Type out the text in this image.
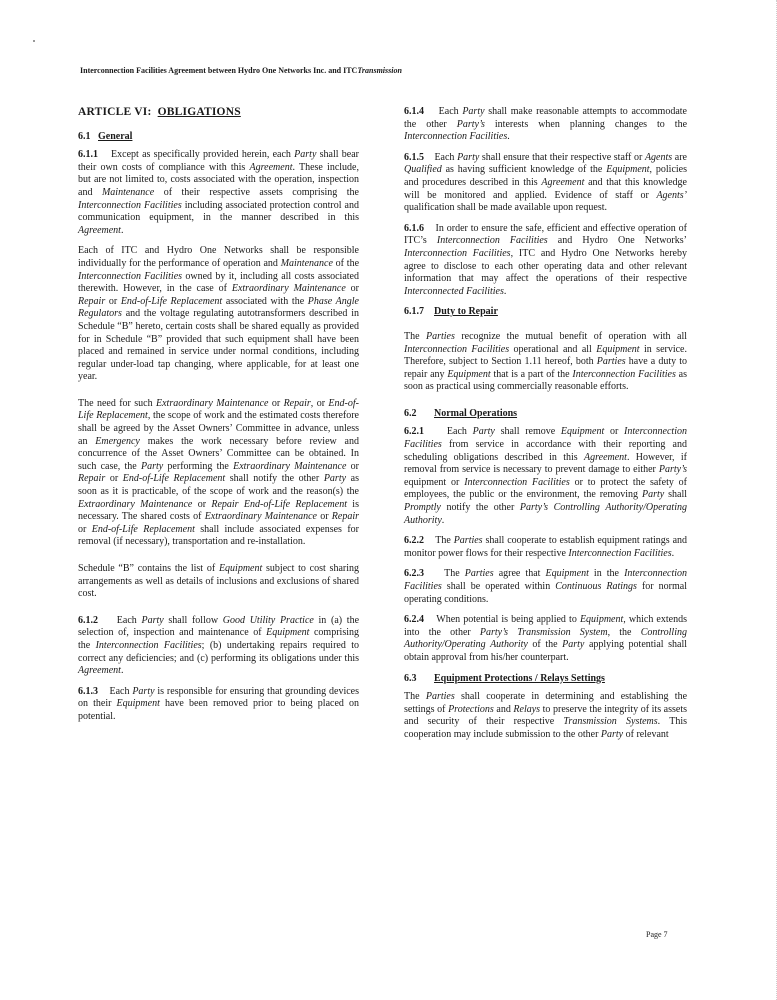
Interconnection Facilities Agreement between Hydro One Networks Inc. and ITCTransmission
ARTICLE VI: OBLIGATIONS
6.1 General

6.1.1    Except as specifically provided herein, each Party shall bear their own costs of compliance with this Agreement. These include, but are not limited to, costs associated with the operation, inspection and Maintenance of their respective assets comprising the Interconnection Facilities including associated protection control and communication equipment, in the manner described in this Agreement.

Each of ITC and Hydro One Networks shall be responsible individually for the performance of operation and Maintenance of the Interconnection Facilities owned by it, including all costs associated therewith. However, in the case of Extraordinary Maintenance or Repair or End-of-Life Replacement associated with the Phase Angle Regulators and the voltage regulating autotransformers described in Schedule “B” hereto, certain costs shall be shared equally as provided for in Schedule “B” provided that such equipment shall have been placed and remained in service under normal conditions, including regular under-load tap changing, where applicable, for at least one year.

The need for such Extraordinary Maintenance or Repair, or End-of-Life Replacement, the scope of work and the estimated costs therefore shall be agreed by the Asset Owners’ Committee in advance, unless an Emergency makes the work necessary before review and concurrence of the Asset Owners’ Committee can be obtained. In such case, the Party performing the Extraordinary Maintenance or Repair or End-of-Life Replacement shall notify the other Party as soon as it is practicable, of the scope of work and the reason(s) the Extraordinary Maintenance or Repair End-of-Life Replacement is necessary. The shared costs of Extraordinary Maintenance or Repair or End-of-Life Replacement shall include associated expenses for removal (if necessary), transportation and re-installation.

Schedule “B” contains the list of Equipment subject to cost sharing arrangements as well as details of inclusions and exclusions of shared cost.

6.1.2    Each Party shall follow Good Utility Practice in (a) the selection of, inspection and maintenance of Equipment comprising the Interconnection Facilities; (b) undertaking repairs required to correct any deficiencies; and (c) performing its obligations under this Agreement.

6.1.3    Each Party is responsible for ensuring that grounding devices on their Equipment have been removed prior to being placed on potential.

6.1.4    Each Party shall make reasonable attempts to accommodate the other Party’s interests when planning changes to the Interconnection Facilities.

6.1.5    Each Party shall ensure that their respective staff or Agents are Qualified as having sufficient knowledge of the Equipment, policies and procedures described in this Agreement and that this knowledge will be monitored and applied. Evidence of staff or Agents’ qualification shall be made available upon request.

6.1.6    In order to ensure the safe, efficient and effective operation of ITC’s Interconnection Facilities and Hydro One Networks’ Interconnection Facilities, ITC and Hydro One Networks hereby agree to disclose to each other operating data and other relevant information that may affect the operations of their respective Interconnected Facilities.

6.1.7 Duty to Repair

The Parties recognize the mutual benefit of operation with all Interconnection Facilities operational and all Equipment in service. Therefore, subject to Section 1.11 hereof, both Parties have a duty to repair any Equipment that is a part of the Interconnection Facilities as soon as practical using commercially reasonable efforts.

6.2 Normal Operations

6.2.1    Each Party shall remove Equipment or Interconnection Facilities from service in accordance with their reporting and scheduling obligations described in this Agreement. However, if removal from service is necessary to prevent damage to either Party’s equipment or Interconnection Facilities or to protect the safety of employees, the public or the environment, the removing Party shall Promptly notify the other Party’s Controlling Authority/Operating Authority.

6.2.2    The Parties shall cooperate to establish equipment ratings and monitor power flows for their respective Interconnection Facilities.

6.2.3    The Parties agree that Equipment in the Interconnection Facilities shall be operated within Continuous Ratings for normal operating conditions.

6.2.4    When potential is being applied to Equipment, which extends into the other Party’s Transmission System, the Controlling Authority/Operating Authority of the Party applying potential shall obtain approval from his/her counterpart.

6.3 Equipment Protections / Relays Settings

The Parties shall cooperate in determining and establishing the settings of Protections and Relays to preserve the integrity of its assets and security of their respective Transmission Systems. This cooperation may include submission to the other Party of relevant

Page 7
